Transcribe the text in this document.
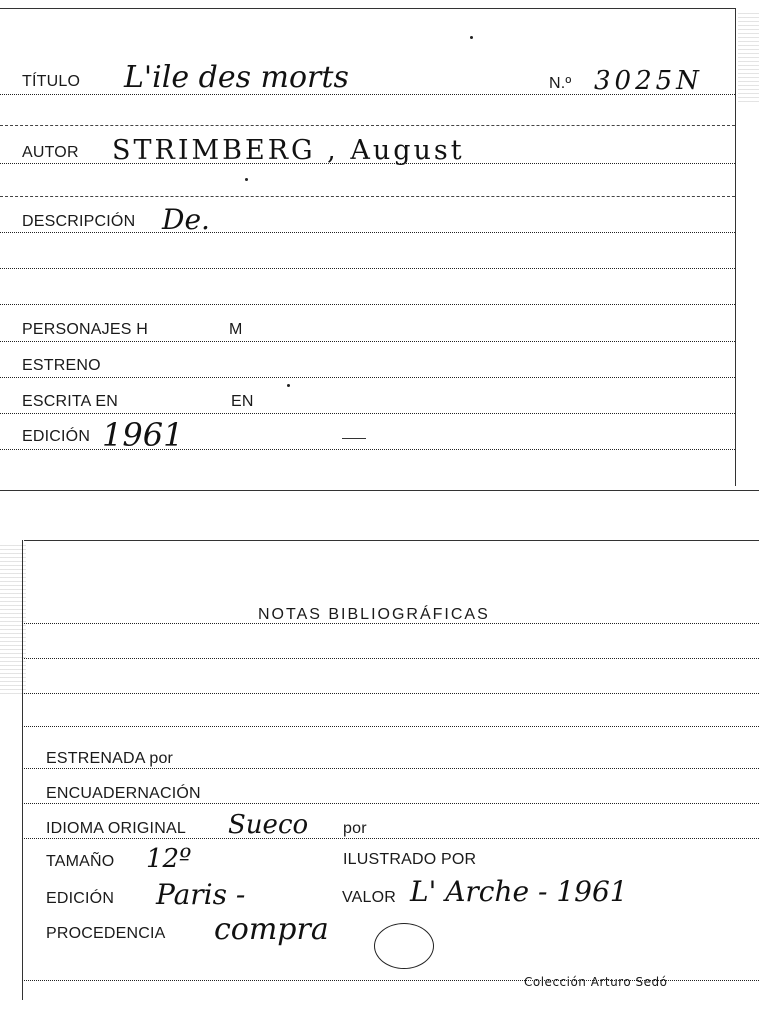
TÍTULO L'ile des morts	N.º 3025N
AUTOR STRIMBERG , August
DESCRIPCIÓN De.
PERSONAJES H	M
ESTRENO
ESCRITA EN	EN
EDICIÓN 1961
NOTAS BIBLIOGRÁFICAS
ESTRENADA por
ENCUADERNACIÓN
IDIOMA ORIGINAL Sueco por
TAMAÑO 12º	ILUSTRADO POR
EDICIÓN Paris -	VALOR L' Arche - 1961
PROCEDENCIA compra
Colección Arturo Sedó
